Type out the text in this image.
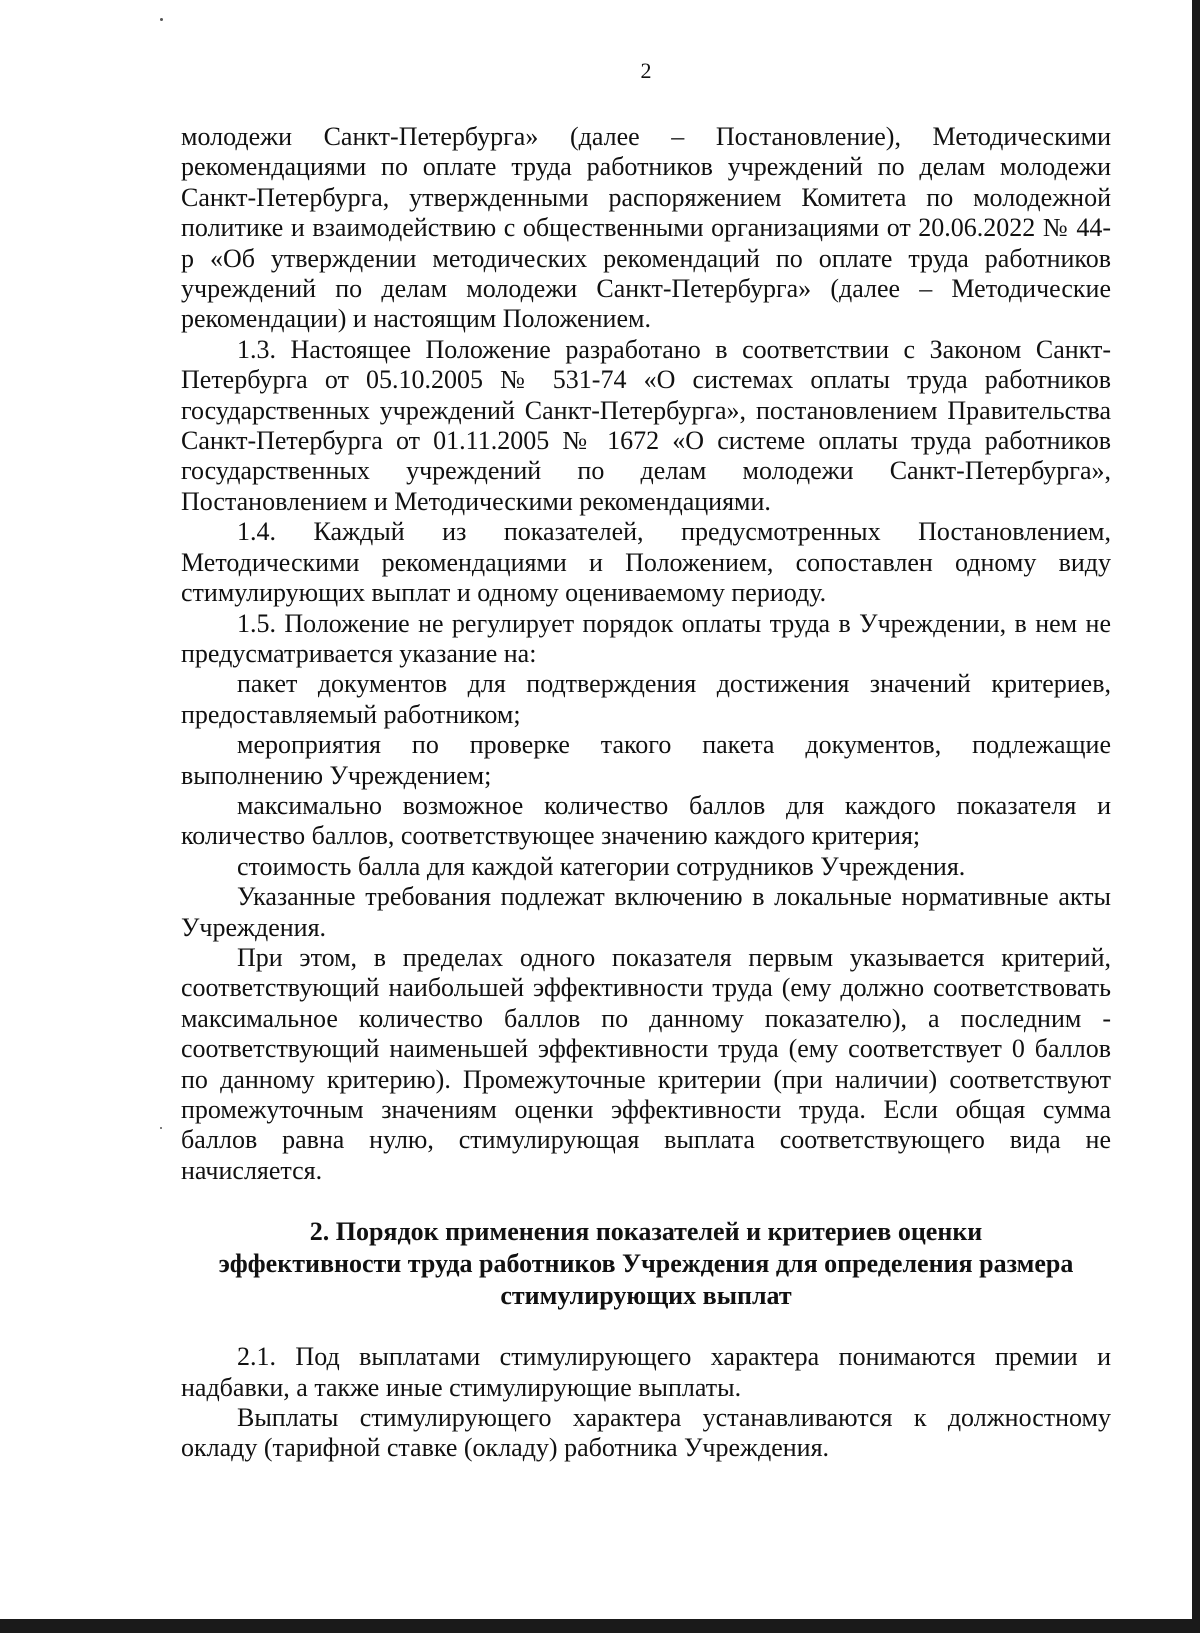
2

молодежи Санкт-Петербурга» (далее – Постановление), Методическими рекомендациями по оплате труда работников учреждений по делам молодежи Санкт-Петербурга, утвержденными распоряжением Комитета по молодежной политике и взаимодействию с общественными организациями от 20.06.2022 № 44-р «Об утверждении методических рекомендаций по оплате труда работников учреждений по делам молодежи Санкт-Петербурга» (далее – Методические рекомендации) и настоящим Положением.

1.3. Настоящее Положение разработано в соответствии с Законом Санкт-Петербурга от 05.10.2005 № 531-74 «О системах оплаты труда работников государственных учреждений Санкт-Петербурга», постановлением Правительства Санкт-Петербурга от 01.11.2005 № 1672 «О системе оплаты труда работников государственных учреждений по делам молодежи Санкт-Петербурга», Постановлением и Методическими рекомендациями.

1.4. Каждый из показателей, предусмотренных Постановлением, Методическими рекомендациями и Положением, сопоставлен одному виду стимулирующих выплат и одному оцениваемому периоду.

1.5. Положение не регулирует порядок оплаты труда в Учреждении, в нем не предусматривается указание на:

пакет документов для подтверждения достижения значений критериев, предоставляемый работником;

мероприятия по проверке такого пакета документов, подлежащие выполнению Учреждением;

максимально возможное количество баллов для каждого показателя и количество баллов, соответствующее значению каждого критерия;

стоимость балла для каждой категории сотрудников Учреждения.

Указанные требования подлежат включению в локальные нормативные акты Учреждения.

При этом, в пределах одного показателя первым указывается критерий, соответствующий наибольшей эффективности труда (ему должно соответствовать максимальное количество баллов по данному показателю), а последним - соответствующий наименьшей эффективности труда (ему соответствует 0 баллов по данному критерию). Промежуточные критерии (при наличии) соответствуют промежуточным значениям оценки эффективности труда. Если общая сумма баллов равна нулю, стимулирующая выплата соответствующего вида не начисляется.

2. Порядок применения показателей и критериев оценки
эффективности труда работников Учреждения для определения размера
стимулирующих выплат

2.1. Под выплатами стимулирующего характера понимаются премии и надбавки, а также иные стимулирующие выплаты.

Выплаты стимулирующего характера устанавливаются к должностному окладу (тарифной ставке (окладу) работника Учреждения.
